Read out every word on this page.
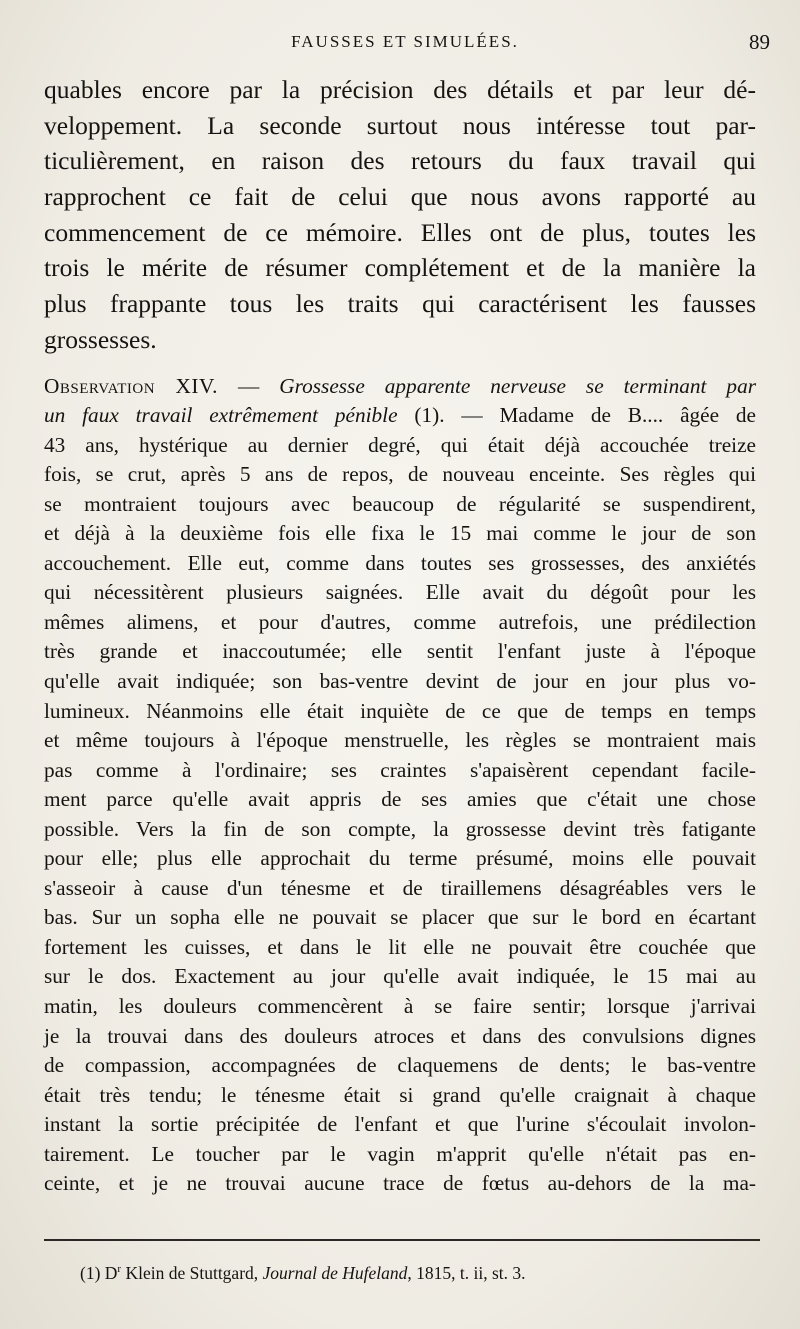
FAUSSES ET SIMULÉES.	89
quables encore par la précision des détails et par leur dé-
veloppement. La seconde surtout nous intéresse tout par-
ticulièrement, en raison des retours du faux travail qui
rapprochent ce fait de celui que nous avons rapporté au
commencement de ce mémoire. Elles ont de plus, toutes les
trois le mérite de résumer complétement et de la manière la
plus frappante tous les traits qui caractérisent les fausses
grossesses.
Observation XIV. — Grossesse apparente nerveuse se terminant par
un faux travail extrêmement pénible (1). — Madame de B.... âgée de
43 ans, hystérique au dernier degré, qui était déjà accouchée treize
fois, se crut, après 5 ans de repos, de nouveau enceinte. Ses règles qui
se montraient toujours avec beaucoup de régularité se suspendirent,
et déjà à la deuxième fois elle fixa le 15 mai comme le jour de son
accouchement. Elle eut, comme dans toutes ses grossesses, des anxiétés
qui nécessitèrent plusieurs saignées. Elle avait du dégoût pour les
mêmes alimens, et pour d'autres, comme autrefois, une prédilection
très grande et inaccoutumée; elle sentit l'enfant juste à l'époque
qu'elle avait indiquée; son bas-ventre devint de jour en jour plus vo-
lumineux. Néanmoins elle était inquiète de ce que de temps en temps
et même toujours à l'époque menstruelle, les règles se montraient mais
pas comme à l'ordinaire; ses craintes s'apaisèrent cependant facile-
ment parce qu'elle avait appris de ses amies que c'était une chose
possible. Vers la fin de son compte, la grossesse devint très fatigante
pour elle; plus elle approchait du terme présumé, moins elle pouvait
s'asseoir à cause d'un ténesme et de tiraillemens désagréables vers le
bas. Sur un sopha elle ne pouvait se placer que sur le bord en écartant
fortement les cuisses, et dans le lit elle ne pouvait être couchée que
sur le dos. Exactement au jour qu'elle avait indiquée, le 15 mai au
matin, les douleurs commencèrent à se faire sentir; lorsque j'arrivai
je la trouvai dans des douleurs atroces et dans des convulsions dignes
de compassion, accompagnées de claquemens de dents; le bas-ventre
était très tendu; le ténesme était si grand qu'elle craignait à chaque
instant la sortie précipitée de l'enfant et que l'urine s'écoulait involon-
tairement. Le toucher par le vagin m'apprit qu'elle n'était pas en-
ceinte, et je ne trouvai aucune trace de fœtus au-dehors de la ma-
(1) $D^r$ Klein de Stuttgard, Journal de Hufeland, 1815, t. ii, st. 3.
